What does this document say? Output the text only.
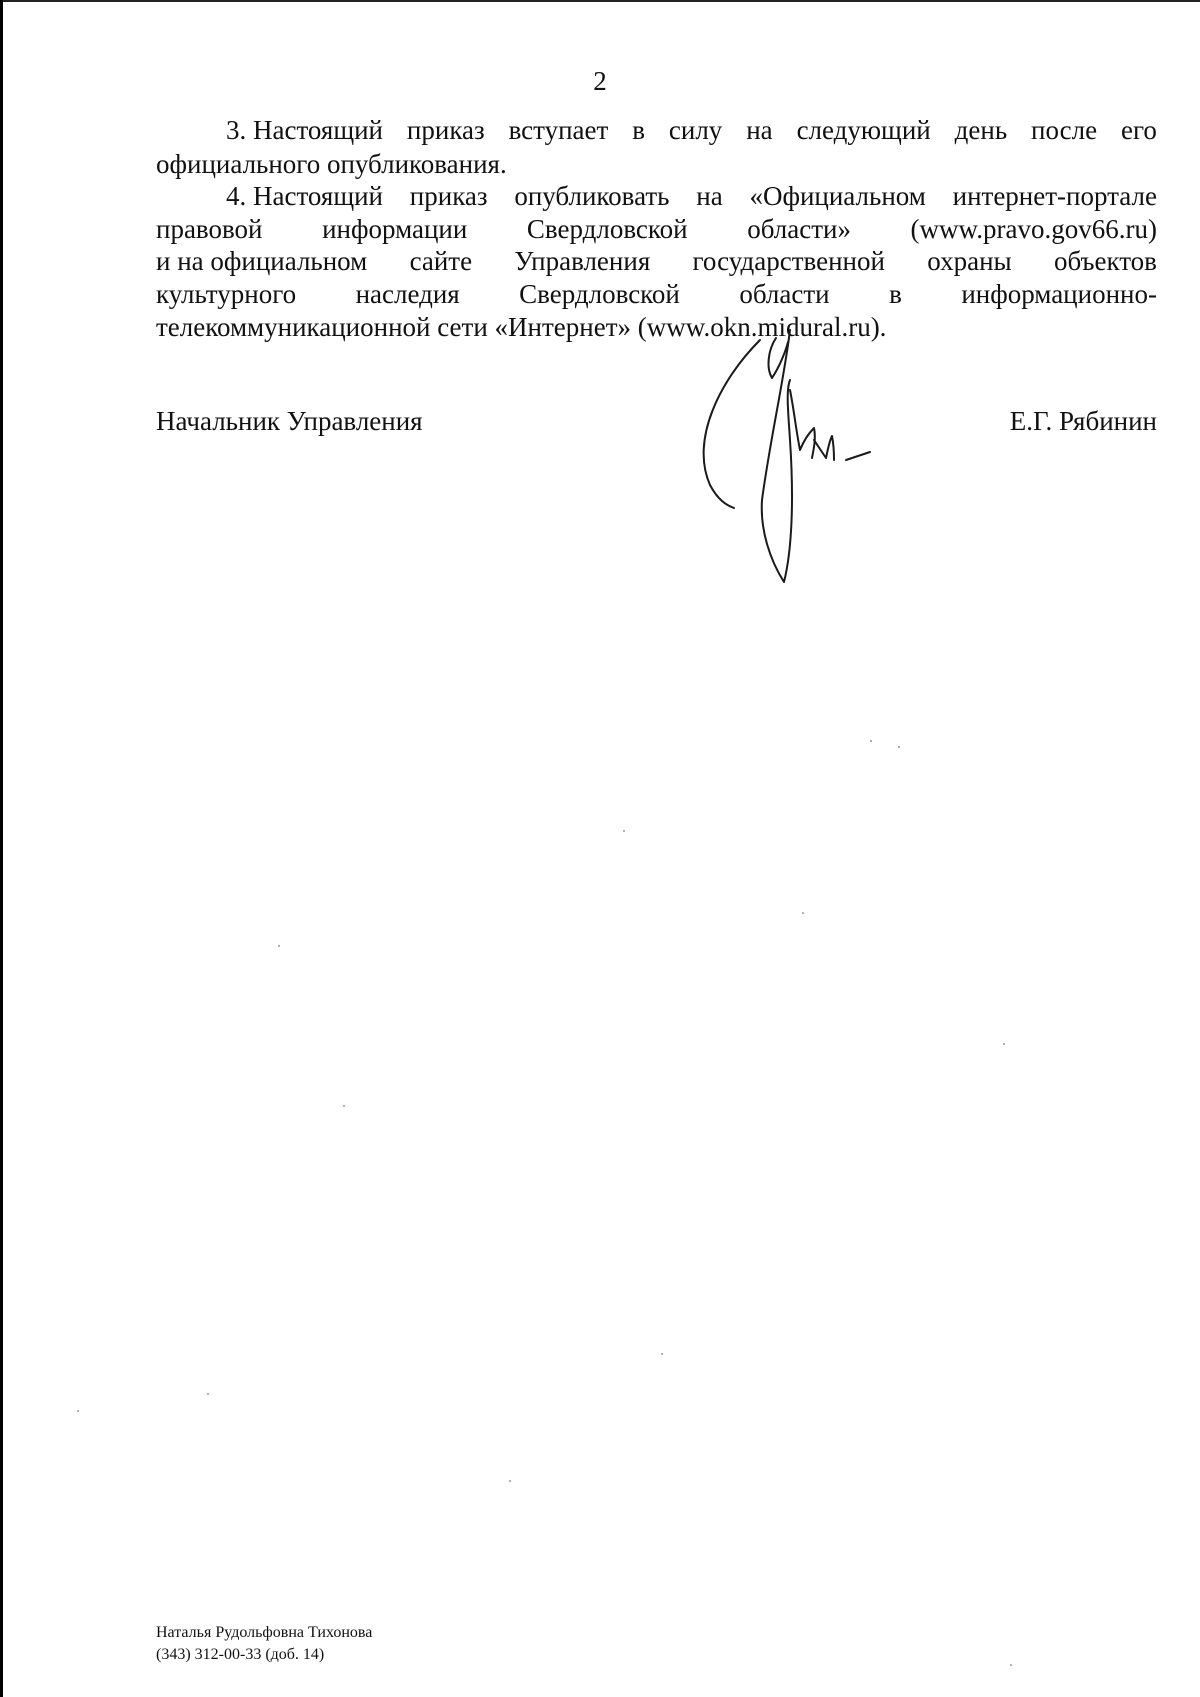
2
3. Настоящий приказ вступает в силу на следующий день после его
официального опубликования.
4. Настоящий приказ опубликовать на «Официальном интернет-портале
правовой информации Свердловской области» (www.pravo.gov66.ru)
и на официальном сайте Управления государственной охраны объектов
культурного наследия Свердловской области в информационно-
телекоммуникационной сети «Интернет» (www.okn.midural.ru).
Начальник Управления	Е.Г. Рябинин
Наталья Рудольфовна Тихонова
(343) 312-00-33 (доб. 14)
